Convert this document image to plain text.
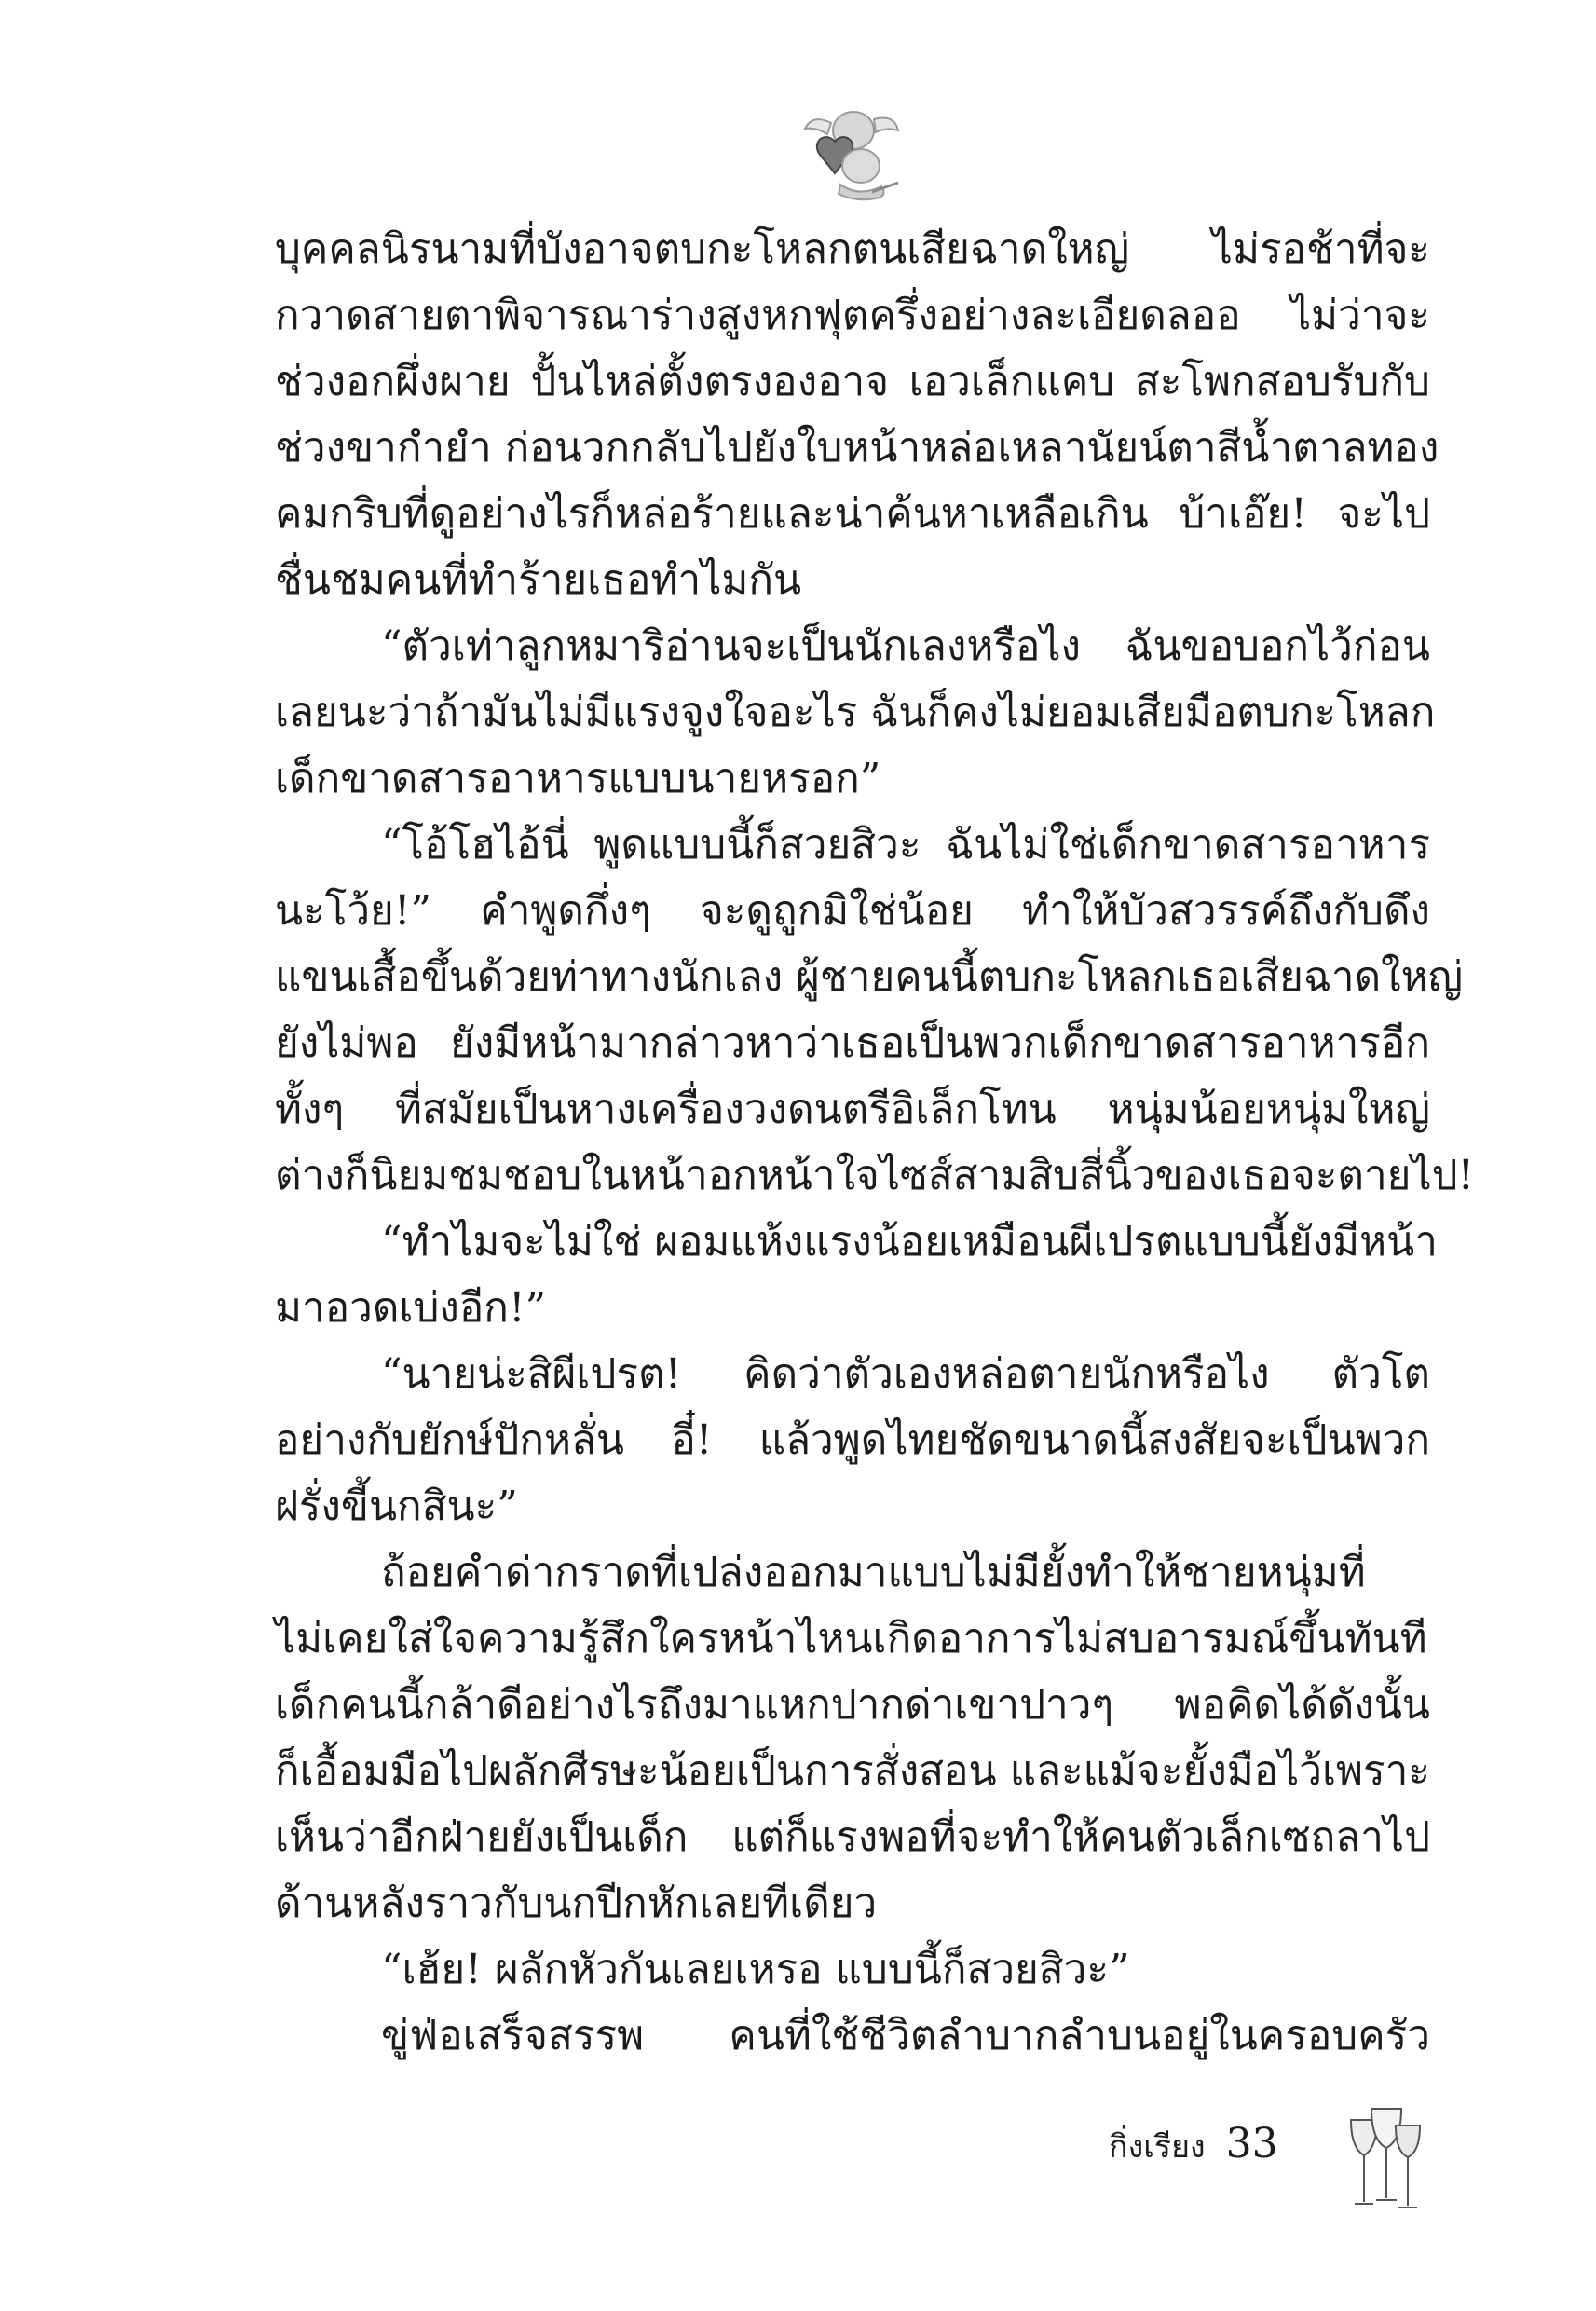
บุคคลนิรนามที่บังอาจตบกะโหลกตนเสียฉาดใหญ่ ไม่รอช้าที่จะ
กวาดสายตาพิจารณาร่างสูงหกฟุตครึ่งอย่างละเอียดลออ ไม่ว่าจะ
ช่วงอกผึ่งผาย ปั้นไหล่ตั้งตรงองอาจ เอวเล็กแคบ สะโพกสอบรับกับ
ช่วงขากำยำ ก่อนวกกลับไปยังใบหน้าหล่อเหลานัยน์ตาสีน้ำตาลทอง
คมกริบที่ดูอย่างไรก็หล่อร้ายและน่าค้นหาเหลือเกิน บ้าเอ๊ย! จะไป
ชื่นชมคนที่ทำร้ายเธอทำไมกัน
“ตัวเท่าลูกหมาริอ่านจะเป็นนักเลงหรือไง ฉันขอบอกไว้ก่อน
เลยนะว่าถ้ามันไม่มีแรงจูงใจอะไร ฉันก็คงไม่ยอมเสียมือตบกะโหลก
เด็กขาดสารอาหารแบบนายหรอก”
“โอ้โฮไอ้นี่ พูดแบบนี้ก็สวยสิวะ ฉันไม่ใช่เด็กขาดสารอาหาร
นะโว้ย!” คำพูดกึ่งๆ จะดูถูกมิใช่น้อย ทำให้บัวสวรรค์ถึงกับดึง
แขนเสื้อขึ้นด้วยท่าทางนักเลง ผู้ชายคนนี้ตบกะโหลกเธอเสียฉาดใหญ่
ยังไม่พอ ยังมีหน้ามากล่าวหาว่าเธอเป็นพวกเด็กขาดสารอาหารอีก
ทั้งๆ ที่สมัยเป็นหางเครื่องวงดนตรีอิเล็กโทน หนุ่มน้อยหนุ่มใหญ่
ต่างก็นิยมชมชอบในหน้าอกหน้าใจไซส์สามสิบสี่นิ้วของเธอจะตายไป!
“ทำไมจะไม่ใช่ ผอมแห้งแรงน้อยเหมือนผีเปรตแบบนี้ยังมีหน้า
มาอวดเบ่งอีก!”
“นายน่ะสิผีเปรต! คิดว่าตัวเองหล่อตายนักหรือไง ตัวโต
อย่างกับยักษ์ปักหลั่น อี๋! แล้วพูดไทยชัดขนาดนี้สงสัยจะเป็นพวก
ฝรั่งขี้นกสินะ”
ถ้อยคำด่ากราดที่เปล่งออกมาแบบไม่มียั้งทำให้ชายหนุ่มที่
ไม่เคยใส่ใจความรู้สึกใครหน้าไหนเกิดอาการไม่สบอารมณ์ขึ้นทันที
เด็กคนนี้กล้าดีอย่างไรถึงมาแหกปากด่าเขาปาวๆ พอคิดได้ดังนั้น
ก็เอื้อมมือไปผลักศีรษะน้อยเป็นการสั่งสอน และแม้จะยั้งมือไว้เพราะ
เห็นว่าอีกฝ่ายยังเป็นเด็ก แต่ก็แรงพอที่จะทำให้คนตัวเล็กเซถลาไป
ด้านหลังราวกับนกปีกหักเลยทีเดียว
“เฮ้ย! ผลักหัวกันเลยเหรอ แบบนี้ก็สวยสิวะ”
ขู่ฟ่อเสร็จสรรพ คนที่ใช้ชีวิตลำบากลำบนอยู่ในครอบครัว
กิ่งเรียง 33
